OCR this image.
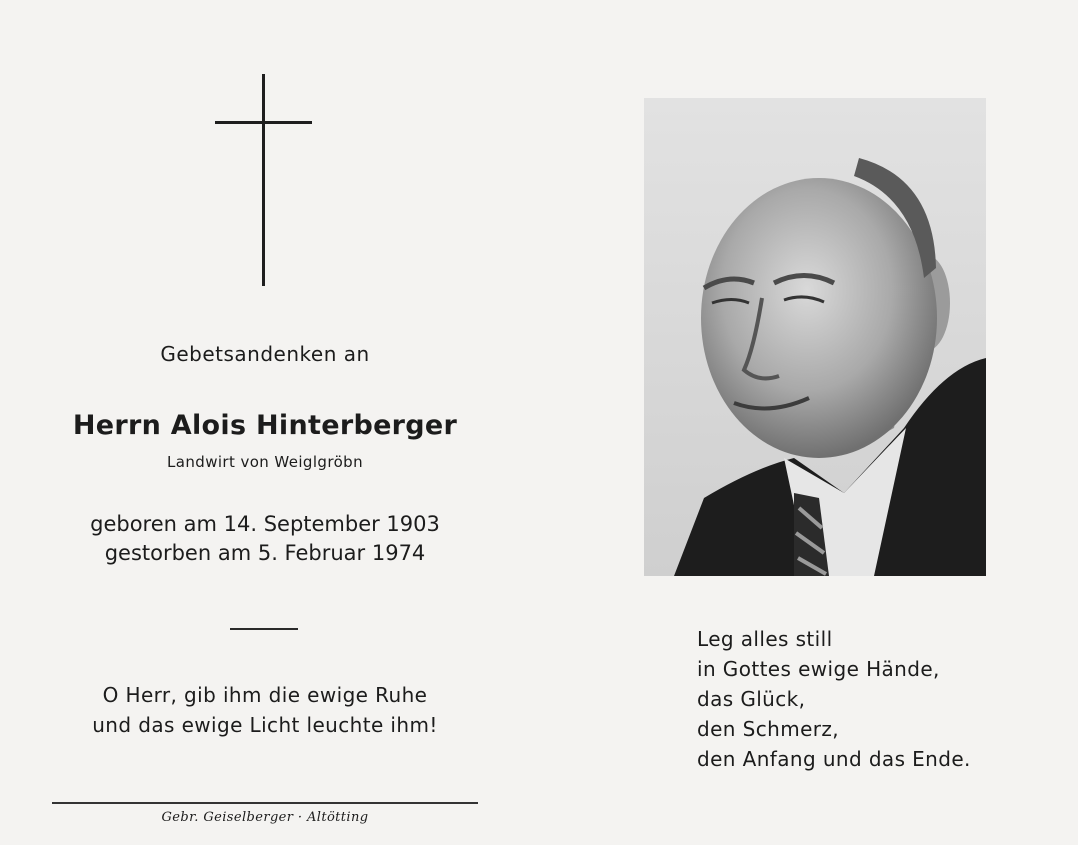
Gebetsandenken an
Herrn Alois Hinterberger
Landwirt von Weiglgröbn
geboren am 14. September 1903
gestorben am 5. Februar 1974
O Herr, gib ihm die ewige Ruhe
und das ewige Licht leuchte ihm!
Gebr. Geiselberger · Altötting
Leg alles still
in Gottes ewige Hände,
das Glück,
den Schmerz,
den Anfang und das Ende.
